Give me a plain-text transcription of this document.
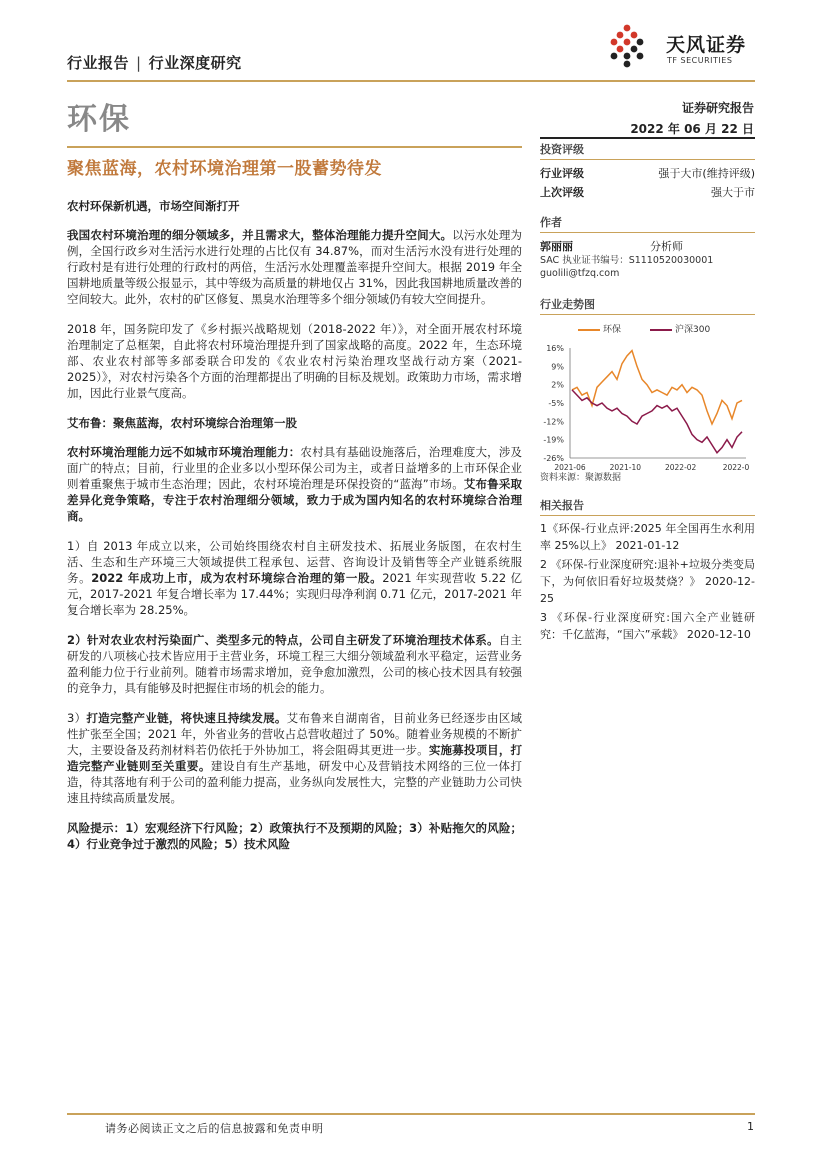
行业报告 | 行业深度研究
天风证券
TF SECURITIES
环保	证券研究报告
2022 年 06 月 22 日
聚焦蓝海，农村环境治理第一股蓄势待发
农村环保新机遇，市场空间渐打开

我国农村环境治理的细分领域多，并且需求大，整体治理能力提升空间大。以污水处理为例，全国行政乡对生活污水进行处理的占比仅有 34.87%，而对生活污水没有进行处理的行政村是有进行处理的行政村的两倍，生活污水处理覆盖率提升空间大。根据 2019 年全国耕地质量等级公报显示，其中等级为高质量的耕地仅占 31%，因此我国耕地质量改善的空间较大。此外，农村的矿区修复、黑臭水治理等多个细分领域仍有较大空间提升。

2018 年，国务院印发了《乡村振兴战略规划（2018-2022 年）》，对全面开展农村环境治理制定了总框架，自此将农村环境治理提升到了国家战略的高度。2022 年，生态环境部、农业农村部等多部委联合印发的《农业农村污染治理攻坚战行动方案（2021-2025）》，对农村污染各个方面的治理都提出了明确的目标及规划。政策助力市场，需求增加，因此行业景气度高。

艾布鲁：聚焦蓝海，农村环境综合治理第一股

农村环境治理能力远不如城市环境治理能力：农村具有基础设施落后，治理难度大，涉及面广的特点；目前，行业里的企业多以小型环保公司为主，或者日益增多的上市环保企业则着重聚焦于城市生态治理；因此，农村环境治理是环保投资的“蓝海”市场。艾布鲁采取差异化竞争策略，专注于农村治理细分领域，致力于成为国内知名的农村环境综合治理商。

1）自 2013 年成立以来，公司始终围绕农村自主研发技术、拓展业务版图，在农村生活、生态和生产环境三大领域提供工程承包、运营、咨询设计及销售等全产业链系统服务。2022 年成功上市，成为农村环境综合治理的第一股。2021 年实现营收 5.22 亿元，2017-2021 年复合增长率为 17.44%；实现归母净利润 0.71 亿元，2017-2021 年复合增长率为 28.25%。

2）针对农业农村污染面广、类型多元的特点，公司自主研发了环境治理技术体系。自主研发的八项核心技术皆应用于主营业务，环境工程三大细分领域盈利水平稳定，运营业务盈利能力位于行业前列。随着市场需求增加，竞争愈加激烈，公司的核心技术因具有较强的竞争力，具有能够及时把握住市场的机会的能力。

3）打造完整产业链，将快速且持续发展。艾布鲁来自湖南省，目前业务已经逐步由区域性扩张至全国；2021 年，外省业务的营收占总营收超过了 50%。随着业务规模的不断扩大，主要设备及药剂材料若仍依托于外协加工，将会阻碍其更进一步。实施募投项目，打造完整产业链则至关重要。建设自有生产基地，研发中心及营销技术网络的三位一体打造，待其落地有利于公司的盈利能力提高，业务纵向发展性大，完整的产业链助力公司快速且持续高质量发展。

风险提示：1）宏观经济下行风险；2）政策执行不及预期的风险；3）补贴拖欠的风险；4）行业竞争过于激烈的风险；5）技术风险

投资评级
行业评级	强于大市(维持评级)
上次评级	强大于市
作者
郭丽丽	分析师
SAC 执业证书编号：S1110520030001
guolili@tfzq.com
行业走势图
环保	沪深300
16%
9%
2%
-5%
-12%
-19%
-26%
2021-06	2021-10	2022-02	2022-0
资料来源：聚源数据
相关报告
1《环保-行业点评:2025 年全国再生水利用率 25%以上》 2021-01-12
2 《环保-行业深度研究:退补+垃圾分类变局下，为何依旧看好垃圾焚烧？》 2020-12-25
3 《环保-行业深度研究:国六全产业链研究：千亿蓝海，“国六”承载》 2020-12-10
请务必阅读正文之后的信息披露和免责申明	1
